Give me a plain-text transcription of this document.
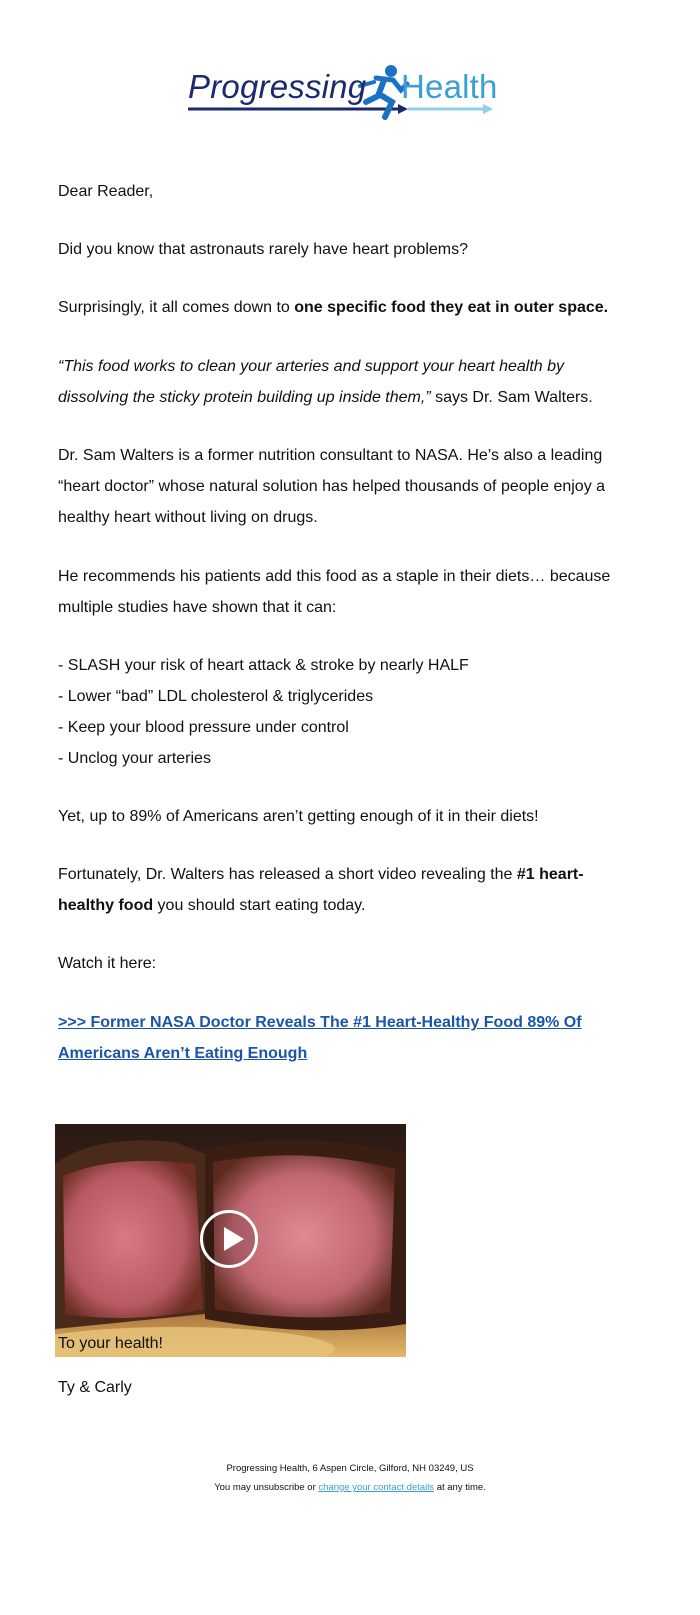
Progressing Health

Dear Reader,

Did you know that astronauts rarely have heart problems?

Surprisingly, it all comes down to one specific food they eat in outer space.

“This food works to clean your arteries and support your heart health by dissolving the sticky protein building up inside them,” says Dr. Sam Walters.

Dr. Sam Walters is a former nutrition consultant to NASA. He’s also a leading “heart doctor” whose natural solution has helped thousands of people enjoy a healthy heart without living on drugs.

He recommends his patients add this food as a staple in their diets… because multiple studies have shown that it can:

- SLASH your risk of heart attack & stroke by nearly HALF

- Lower “bad” LDL cholesterol & triglycerides

- Keep your blood pressure under control

- Unclog your arteries

Yet, up to 89% of Americans aren’t getting enough of it in their diets!

Fortunately, Dr. Walters has released a short video revealing the #1 heart-healthy food you should start eating today.

Watch it here:

>>> Former NASA Doctor Reveals The #1 Heart-Healthy Food 89% Of Americans Aren’t Eating Enough

To your health!
Ty & Carly
Progressing Health, 6 Aspen Circle, Gilford, NH 03249, US
You may unsubscribe or change your contact details at any time.
